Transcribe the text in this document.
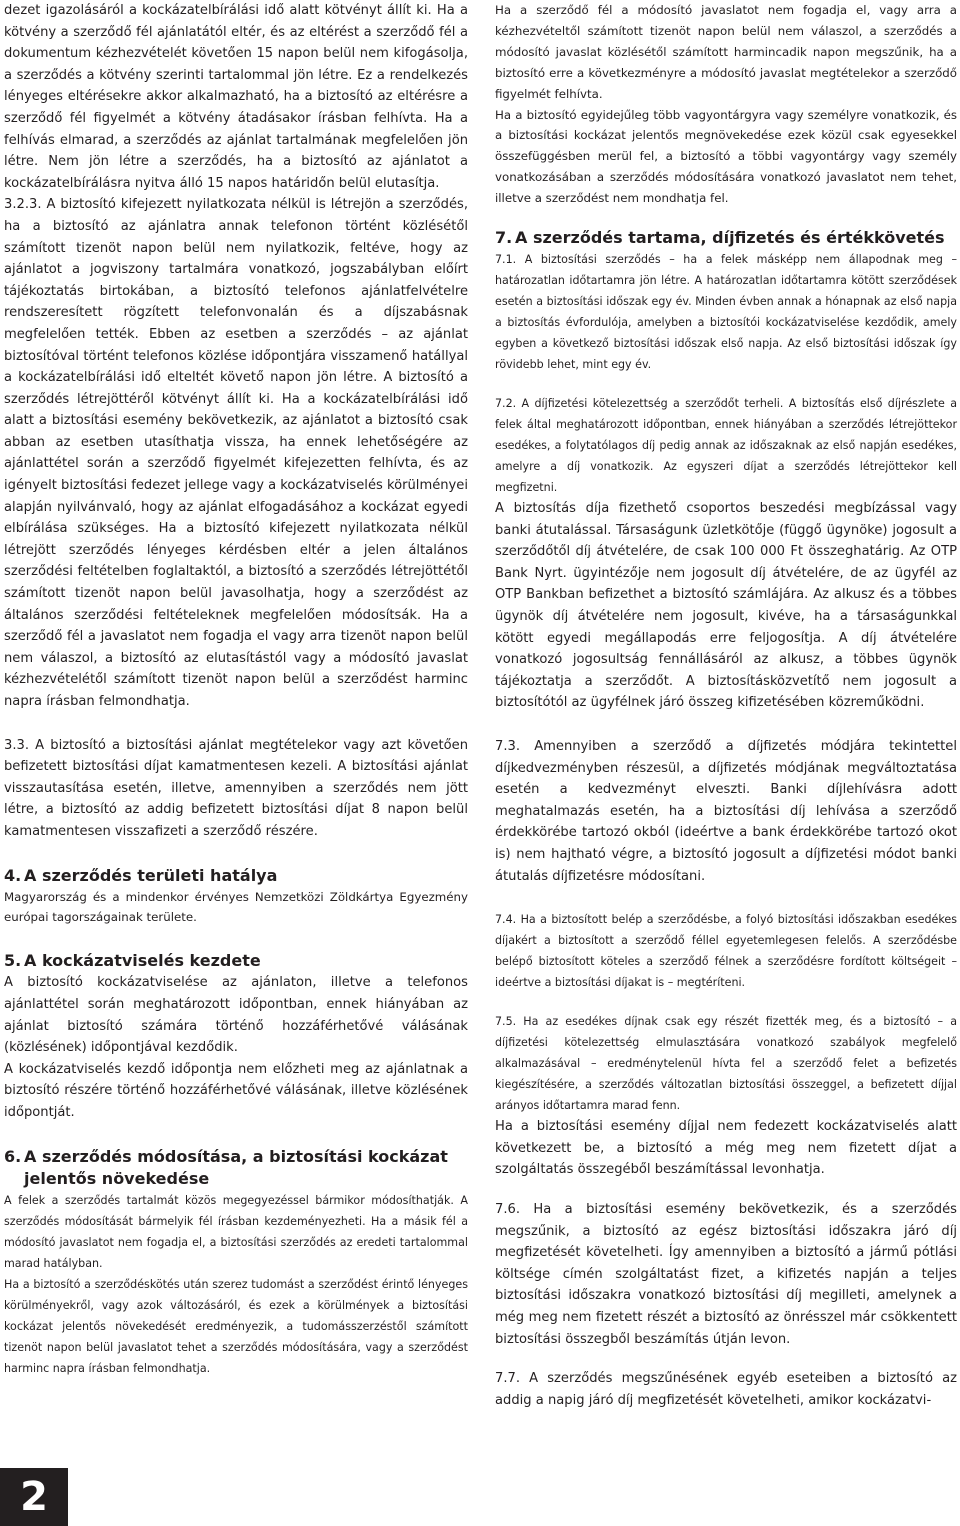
dezet igazolásáról a kockázatelbírálási idő alatt kötvényt állít ki. Ha a kötvény a szerződő fél ajánlatától eltér, és az eltérést a szerződő fél a dokumentum kézhezvételét követően 15 napon belül nem kifogásolja, a szerződés a kötvény szerinti tartalommal jön létre. Ez a rendelkezés lényeges eltérésekre akkor alkalmazható, ha a biztosító az eltérésre a szerződő fél figyelmét a kötvény átadásakor írásban felhívta. Ha a felhívás elmarad, a szerződés az ajánlat tartalmának megfelelően jön létre. Nem jön létre a szerződés, ha a biztosító az ajánlatot a kockázatelbírálásra nyitva álló 15 napos határidőn belül elutasítja.

3.2.3. A biztosító kifejezett nyilatkozata nélkül is létrejön a szerződés, ha a biztosító az ajánlatra annak telefonon történt közlésétől számított tizenöt napon belül nem nyilatkozik, feltéve, hogy az ajánlatot a jogviszony tartalmára vonatkozó, jogszabályban előírt tájékoztatás birtokában, a biztosító telefonos ajánlatfelvételre rendszeresített rögzített telefonvonalán és a díjszabásnak megfelelően tették. Ebben az esetben a szerződés – az ajánlat biztosítóval történt telefonos közlése időpontjára visszamenő hatállyal a kockázatelbírálási idő elteltét követő napon jön létre. A biztosító a szerződés létrejöttéről kötvényt állít ki. Ha a kockázatelbírálási idő alatt a biztosítási esemény bekövetkezik, az ajánlatot a biztosító csak abban az esetben utasíthatja vissza, ha ennek lehetőségére az ajánlattétel során a szerződő figyelmét kifejezetten felhívta, és az igényelt biztosítási fedezet jellege vagy a kockázatviselés körülményei alapján nyilvánvaló, hogy az ajánlat elfogadásához a kockázat egyedi elbírálása szükséges. Ha a biztosító kifejezett nyilatkozata nélkül létrejött szerződés lényeges kérdésben eltér a jelen általános szerződési feltételben foglaltaktól, a biztosító a szerződés létrejöttétől számított tizenöt napon belül javasolhatja, hogy a szerződést az általános szerződési feltételeknek megfelelően módosítsák. Ha a szerződő fél a javaslatot nem fogadja el vagy arra tizenöt napon belül nem válaszol, a biztosító az elutasítástól vagy a módosító javaslat kézhezvételétől számított tizenöt napon belül a szerződést harminc napra írásban felmondhatja.

3.3. A biztosító a biztosítási ajánlat megtételekor vagy azt követően befizetett biztosítási díjat kamatmentesen kezeli. A biztosítási ajánlat visszautasítása esetén, illetve, amennyiben a szerződés nem jött létre, a biztosító az addig befizetett biztosítási díjat 8 napon belül kamatmentesen visszafizeti a szerződő részére.

4. A szerződés területi hatálya

Magyarország és a mindenkor érvényes Nemzetközi Zöldkártya Egyezmény európai tagországainak területe.

5. A kockázatviselés kezdete

A biztosító kockázatviselése az ajánlaton, illetve a telefonos ajánlattétel során meghatározott időpontban, ennek hiányában az ajánlat biztosító számára történő hozzáférhetővé válásának (közlésének) időpontjával kezdődik.

A kockázatviselés kezdő időpontja nem előzheti meg az ajánlatnak a biztosító részére történő hozzáférhetővé válásának, illetve közlésének időpontját.

6. A szerződés módosítása, a biztosítási kockázat
jelentős növekedése

A felek a szerződés tartalmát közös megegyezéssel bármikor módosíthatják. A szerződés módosítását bármelyik fél írásban kezdeményezheti. Ha a másik fél a módosító javaslatot nem fogadja el, a biztosítási szerződés az eredeti tartalommal marad hatályban.

Ha a biztosító a szerződéskötés után szerez tudomást a szerződést érintő lényeges körülményekről, vagy azok változásáról, és ezek a körülmények a biztosítási kockázat jelentős növekedését eredményezik, a tudomásszerzéstől számított tizenöt napon belül javaslatot tehet a szerződés módosítására, vagy a szerződést harminc napra írásban felmondhatja.

Ha a szerződő fél a módosító javaslatot nem fogadja el, vagy arra a kézhezvételtől számított tizenöt napon belül nem válaszol, a szerződés a módosító javaslat közlésétől számított harmincadik napon megszűnik, ha a biztosító erre a következményre a módosító javaslat megtételekor a szerződő figyelmét felhívta.

Ha a biztosító egyidejűleg több vagyontárgyra vagy személyre vonatkozik, és a biztosítási kockázat jelentős megnövekedése ezek közül csak egyesekkel összefüggésben merül fel, a biztosító a többi vagyontárgy vagy személy vonatkozásában a szerződés módosítására vonatkozó javaslatot nem tehet, illetve a szerződést nem mondhatja fel.

7. A szerződés tartama, díjfizetés és értékkövetés

7.1. A biztosítási szerződés – ha a felek másképp nem állapodnak meg – határozatlan időtartamra jön létre. A határozatlan időtartamra kötött szerződések esetén a biztosítási időszak egy év. Minden évben annak a hónapnak az első napja a biztosítás évfordulója, amelyben a biztosítói kockázatviselése kezdődik, amely egyben a következő biztosítási időszak első napja. Az első biztosítási időszak így rövidebb lehet, mint egy év.

7.2. A díjfizetési kötelezettség a szerződőt terheli. A biztosítás első díjrészlete a felek által meghatározott időpontban, ennek hiányában a szerződés létrejöttekor esedékes, a folytatólagos díj pedig annak az időszaknak az első napján esedékes, amelyre a díj vonatkozik. Az egyszeri díjat a szerződés létrejöttekor kell megfizetni.

A biztosítás díja fizethető csoportos beszedési megbízással vagy banki átutalással. Társaságunk üzletkötője (függő ügynöke) jogosult a szerződőtől díj átvételére, de csak 100 000 Ft összeghatárig. Az OTP Bank Nyrt. ügyintézője nem jogosult díj átvételére, de az ügyfél az OTP Bankban befizethet a biztosító számlájára. Az alkusz és a többes ügynök díj átvételére nem jogosult, kivéve, ha a társaságunkkal kötött egyedi megállapodás erre feljogosítja. A díj átvételére vonatkozó jogosultság fennállásáról az alkusz, a többes ügynök tájékoztatja a szerződőt. A biztosításközvetítő nem jogosult a biztosítótól az ügyfélnek járó összeg kifizetésében közreműködni.

7.3. Amennyiben a szerződő a díjfizetés módjára tekintettel díjkedvezményben részesül, a díjfizetés módjának megváltoztatása esetén a kedvezményt elveszti. Banki díjlehívásra adott meghatalmazás esetén, ha a biztosítási díj lehívása a szerződő érdekkörébe tartozó okból (ideértve a bank érdekkörébe tartozó okot is) nem hajtható végre, a biztosító jogosult a díjfizetési módot banki átutalás díjfizetésre módosítani.

7.4. Ha a biztosított belép a szerződésbe, a folyó biztosítási időszakban esedékes díjakért a biztosított a szerződő féllel egyetemlegesen felelős. A szerződésbe belépő biztosított köteles a szerződő félnek a szerződésre fordított költségeit – ideértve a biztosítási díjakat is – megtéríteni.

7.5. Ha az esedékes díjnak csak egy részét fizették meg, és a biztosító – a díjfizetési kötelezettség elmulasztására vonatkozó szabályok megfelelő alkalmazásával – eredménytelenül hívta fel a szerződő felet a befizetés kiegészítésére, a szerződés változatlan biztosítási összeggel, a befizetett díjjal arányos időtartamra marad fenn.

Ha a biztosítási esemény díjjal nem fedezett kockázatviselés alatt következett be, a biztosító a még meg nem fizetett díjat a szolgáltatás összegéből beszámítással levonhatja.

7.6. Ha a biztosítási esemény bekövetkezik, és a szerződés megszűnik, a biztosító az egész biztosítási időszakra járó díj megfizetését követelheti. Így amennyiben a biztosító a jármű pótlási költsége címén szolgáltatást fizet, a kifizetés napján a teljes biztosítási időszakra vonatkozó biztosítási díj megilleti, amelynek a még meg nem fizetett részét a biztosító az önrésszel már csökkentett biztosítási összegből beszámítás útján levon.

7.7. A szerződés megszűnésének egyéb eseteiben a biztosító az addig a napig járó díj megfizetését követelheti, amikor kockázatvi-

2
